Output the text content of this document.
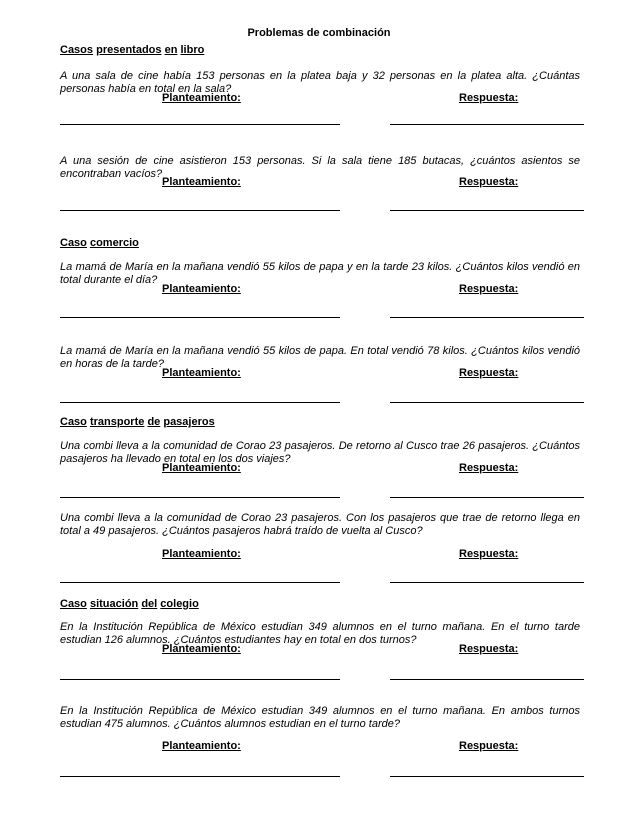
Problemas de combinación
Casos presentados en libro
A una sala de cine había 153 personas en la platea baja y 32 personas en la platea alta. ¿Cuántas personas había en total en la sala?
Planteamiento:	Respuesta:
A una sesión de cine asistieron 153 personas. Si la sala tiene 185 butacas, ¿cuántos asientos se encontraban vacíos?
Planteamiento:	Respuesta:
Caso comercio
La mamá de María en la mañana vendió 55 kilos de papa y en la tarde 23 kilos. ¿Cuántos kilos vendió en total durante el día?
Planteamiento:	Respuesta:
La mamá de María en la mañana vendió 55 kilos de papa. En total vendió 78 kilos. ¿Cuántos kilos vendió en horas de la tarde?
Planteamiento:	Respuesta:
Caso transporte de pasajeros
Una combi lleva a la comunidad de Corao 23 pasajeros. De retorno al Cusco trae 26 pasajeros. ¿Cuántos pasajeros ha llevado en total en los dos viajes?
Planteamiento:	Respuesta:
Una combi lleva a la comunidad de Corao 23 pasajeros. Con los pasajeros que trae de retorno llega en total a 49 pasajeros. ¿Cuántos pasajeros habrá traído de vuelta al Cusco?
Planteamiento:	Respuesta:
Caso situación del colegio
En la Institución República de México estudian 349 alumnos en el turno mañana. En el turno tarde estudian 126 alumnos. ¿Cuántos estudiantes hay en total en dos turnos?
Planteamiento:	Respuesta:
En la Institución República de México estudian 349 alumnos en el turno mañana. En ambos turnos estudian 475 alumnos. ¿Cuántos alumnos estudian en el turno tarde?
Planteamiento:	Respuesta:
